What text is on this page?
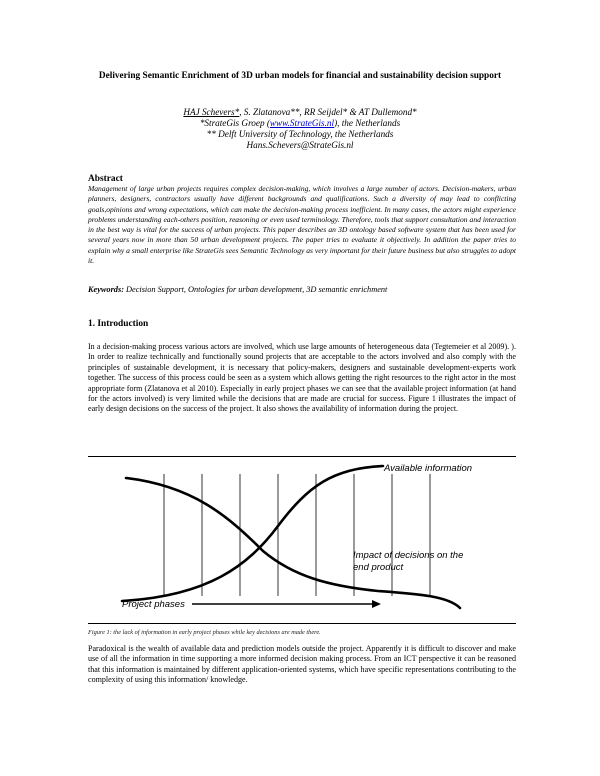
Delivering Semantic Enrichment of 3D urban models for financial and sustainability decision support
HAJ Schevers*, S. Zlatanova**, RR Seijdel* & AT Dullemond*
*StrateGis Groep (www.StrateGis.nl), the Netherlands
** Delft University of Technology, the Netherlands
Hans.Schevers@StrateGis.nl
Abstract
Management of large urban projects requires complex decision-making, which involves a large number of actors. Decision-makers, urban planners, designers, contractors usually have different backgrounds and qualifications. Such a diversity of may lead to conflicting goals,opinions and wrong expectations, which can make the decision-making process inefficient. In many cases, the actors might experience problems understanding each-others position, reasoning or even used terminology. Therefore, tools that support consultation and interaction in the best way is vital for the success of urban projects. This paper describes an 3D ontology based software system that has been used for several years now in more than 50 urban development projects. The paper tries to evaluate it objectively. In addition the paper tries to explain why a small enterprise like StrateGis sees Semantic Technology as very important for their future business but also struggles to adopt it.
Keywords: Decision Support, Ontologies for urban development, 3D semantic enrichment
1. Introduction
In a decision-making process various actors are involved, which use large amounts of heterogeneous data (Tegtemeier et al 2009). ). In order to realize technically and functionally sound projects that are acceptable to the actors involved and also comply with the principles of sustainable development, it is necessary that policy-makers, designers and sustainable development-experts work together. The success of this process could be seen as a system which allows getting the right resources to the right actor in the most appropriate form (Zlatanova et al 2010). Especially in early project phases we can see that the available project information (at hand for the actors involved) is very limited while the decisions that are made are crucial for success. Figure 1 illustrates the impact of early design decisions on the success of the project. It also shows the availability of information during the project.
Project phases
Available information
Impact of decisions on the
end product
Figure 1: the lack of information in early project phases while key decisions are made there.
Paradoxical is the wealth of available data and prediction models outside the project. Apparently it is difficult to discover and make use of all the information in time supporting a more informed decision making process. From an ICT perspective it can be reasoned that this information is maintained by different application-oriented systems, which have specific representations contributing to the complexity of using this information/ knowledge.
